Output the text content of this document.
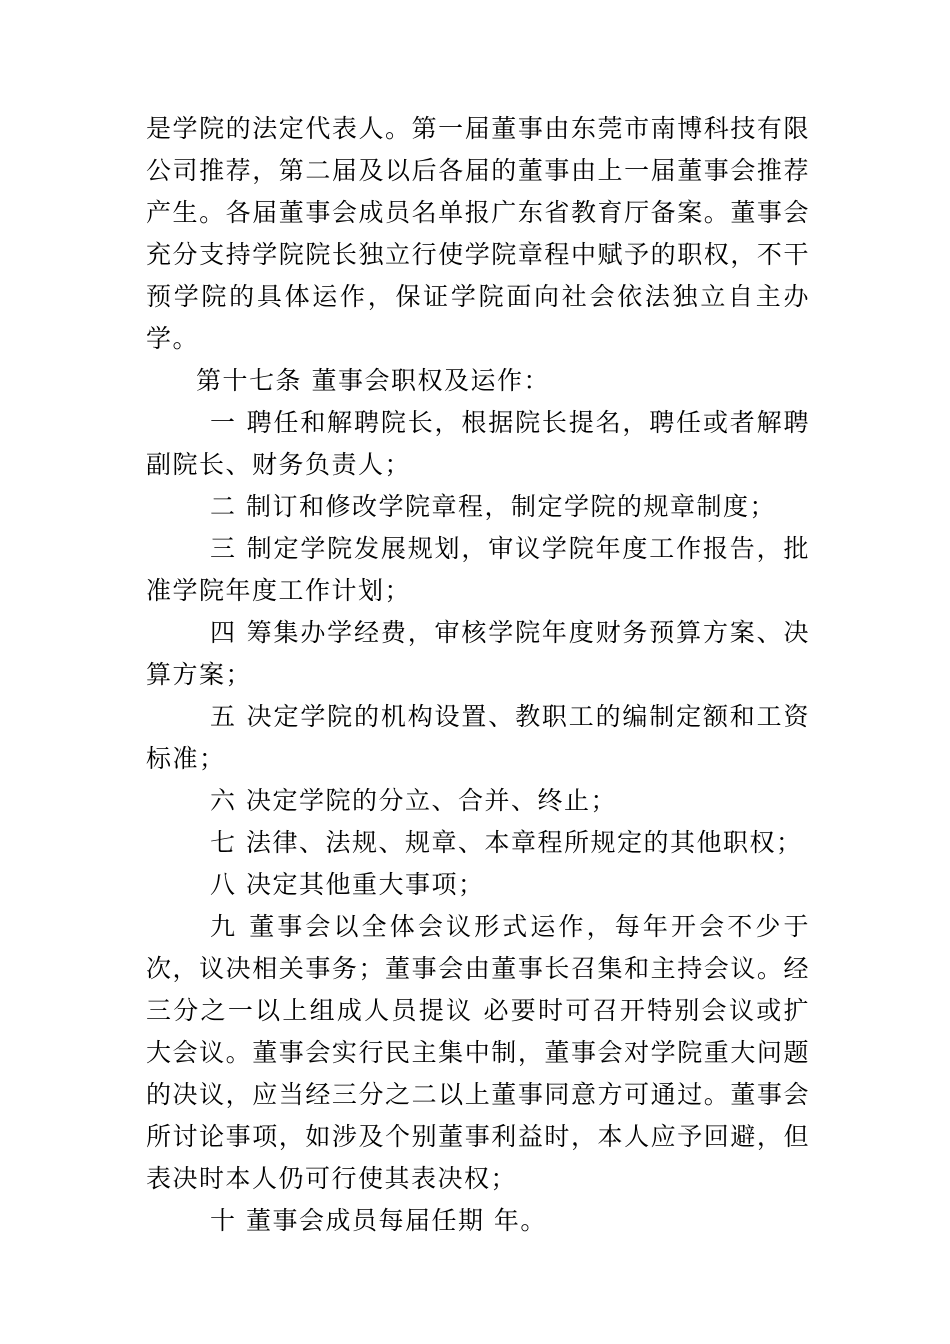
是学院的法定代表人。第一届董事由东莞市南博科技有限公司推荐，第二届及以后各届的董事由上一届董事会推荐产生。各届董事会成员名单报广东省教育厅备案。董事会充分支持学院院长独立行使学院章程中赋予的职权，不干预学院的具体运作，保证学院面向社会依法独立自主办学。

第十七条 董事会职权及运作：

一 聘任和解聘院长，根据院长提名，聘任或者解聘副院长、财务负责人；

二 制订和修改学院章程，制定学院的规章制度；

三 制定学院发展规划，审议学院年度工作报告，批准学院年度工作计划；

四 筹集办学经费，审核学院年度财务预算方案、决算方案；

五 决定学院的机构设置、教职工的编制定额和工资标准；

六 决定学院的分立、合并、终止；

七 法律、法规、规章、本章程所规定的其他职权；

八 决定其他重大事项；

九 董事会以全体会议形式运作，每年开会不少于 次，议决相关事务；董事会由董事长召集和主持会议。经三分之一以上组成人员提议 必要时可召开特别会议或扩大会议。董事会实行民主集中制，董事会对学院重大问题的决议，应当经三分之二以上董事同意方可通过。董事会所讨论事项，如涉及个别董事利益时，本人应予回避，但表决时本人仍可行使其表决权；

十 董事会成员每届任期 年。
